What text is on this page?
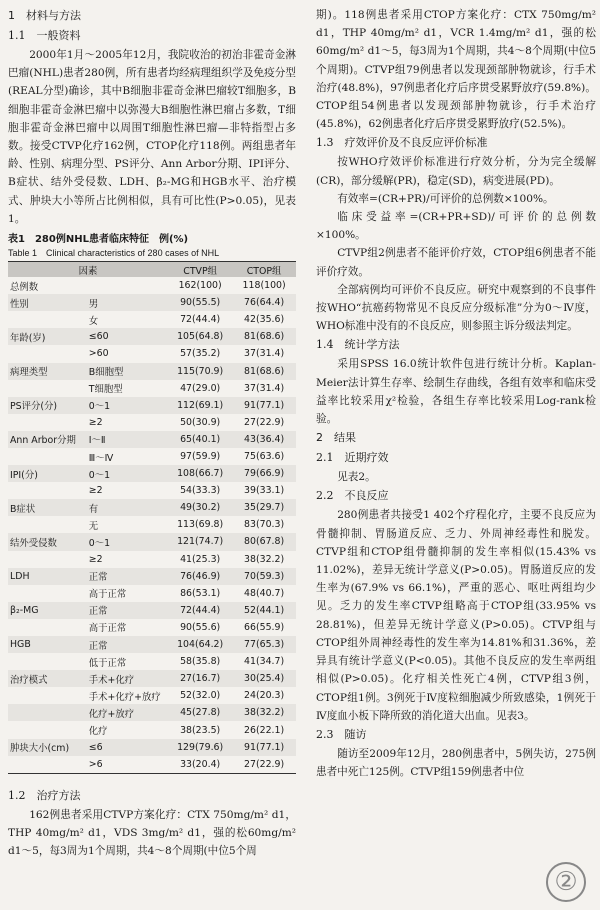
1　材料与方法
1.1　一般资料

2000年1月～2005年12月，我院收治的初治非霍奇金淋巴瘤(NHL)患者280例，所有患者均经病理组织学及免疫分型(REAL分型)确诊，其中B细胞非霍奇金淋巴瘤较T细胞多，B细胞非霍奇金淋巴瘤中以弥漫大B细胞性淋巴瘤占多数，T细胞非霍奇金淋巴瘤中以周围T细胞性淋巴瘤—非特指型占多数。接受CTVP化疗162例，CTOP化疗118例。两组患者年龄、性别、病理分型、PS评分、Ann Arbor分期、IPI评分、B症状、结外受侵数、LDH、β₂-MG和HGB水平、治疗模式、肿块大小等所占比例相似，具有可比性(P>0.05)，见表1。

表1　280例NHL患者临床特征　例(%)
Table 1　Clinical characteristics of 280 cases of NHL
因素		CTVP组	CTOP组
总例数		162(100)	118(100)
性别	男	90(55.5)	76(64.4)
	女	72(44.4)	42(35.6)
年龄(岁)	≤60	105(64.8)	81(68.6)
	>60	57(35.2)	37(31.4)
病理类型	B细胞型	115(70.9)	81(68.6)
	T细胞型	47(29.0)	37(31.4)
PS评分(分)	0～1	112(69.1)	91(77.1)
	≥2	50(30.9)	27(22.9)
Ann Arbor分期	Ⅰ～Ⅱ	65(40.1)	43(36.4)
	Ⅲ～Ⅳ	97(59.9)	75(63.6)
IPI(分)	0～1	108(66.7)	79(66.9)
	≥2	54(33.3)	39(33.1)
B症状	有	49(30.2)	35(29.7)
	无	113(69.8)	83(70.3)
结外受侵数	0～1	121(74.7)	80(67.8)
	≥2	41(25.3)	38(32.2)
LDH	正常	76(46.9)	70(59.3)
	高于正常	86(53.1)	48(40.7)
β₂-MG	正常	72(44.4)	52(44.1)
	高于正常	90(55.6)	66(55.9)
HGB	正常	104(64.2)	77(65.3)
	低于正常	58(35.8)	41(34.7)
治疗模式	手术+化疗	27(16.7)	30(25.4)
	手术+化疗+放疗	52(32.0)	24(20.3)
	化疗+放疗	45(27.8)	38(32.2)
	化疗	38(23.5)	26(22.1)
肿块大小(cm)	≤6	129(79.6)	91(77.1)
	>6	33(20.4)	27(22.9)
1.2　治疗方法

162例患者采用CTVP方案化疗：CTX 750mg/m² d1，THP 40mg/m² d1，VDS 3mg/m² d1，强的松60mg/m² d1～5，每3周为1个周期，共4～8个周期(中位5个周

期)。118例患者采用CTOP方案化疗：CTX 750mg/m² d1，THP 40mg/m² d1，VCR 1.4mg/m² d1，强的松60mg/m² d1～5，每3周为1个周期，共4～8个周期(中位5个周期)。CTVP组79例患者以发现颈部肿物就诊，行手术治疗(48.8%)，97例患者化疗后序贯受累野放疗(59.8%)。CTOP组54例患者以发现颈部肿物就诊，行手术治疗(45.8%)，62例患者化疗后序贯受累野放疗(52.5%)。

1.3　疗效评价及不良反应评价标准

按WHO疗效评价标准进行疗效分析，分为完全缓解(CR)，部分缓解(PR)，稳定(SD)，病变进展(PD)。

有效率=(CR+PR)/可评价的总例数×100%。

临床受益率=(CR+PR+SD)/可评价的总例数×100%。

CTVP组2例患者不能评价疗效，CTOP组6例患者不能评价疗效。

全部病例均可评价不良反应。研究中观察到的不良事件按WHO“抗癌药物常见不良反应分级标准”分为0～Ⅳ度，WHO标准中没有的不良反应，则参照主诉分级法判定。

1.4　统计学方法

采用SPSS 16.0统计软件包进行统计分析。Kaplan-Meier法计算生存率、绘制生存曲线，各组有效率和临床受益率比较采用χ²检验，各组生存率比较采用Log-rank检验。

2　结果
2.1　近期疗效

见表2。

2.2　不良反应

280例患者共接受1 402个疗程化疗，主要不良反应为骨髓抑制、胃肠道反应、乏力、外周神经毒性和脱发。CTVP组和CTOP组骨髓抑制的发生率相似(15.43% vs 11.02%)，差异无统计学意义(P>0.05)。胃肠道反应的发生率为(67.9% vs 66.1%)，严重的恶心、呕吐两组均少见。乏力的发生率CTVP组略高于CTOP组(33.95% vs 28.81%)，但差异无统计学意义(P>0.05)。CTVP组与CTOP组外周神经毒性的发生率为14.81%和31.36%，差异具有统计学意义(P<0.05)。其他不良反应的发生率两组相似(P>0.05)。化疗相关性死亡4例，CTVP组3例，CTOP组1例。3例死于Ⅳ度粒细胞减少所致感染，1例死于Ⅳ度血小板下降所致的消化道大出血。见表3。

2.3　随访

随访至2009年12月，280例患者中，5例失访，275例患者中死亡125例。CTVP组159例患者中位

②
